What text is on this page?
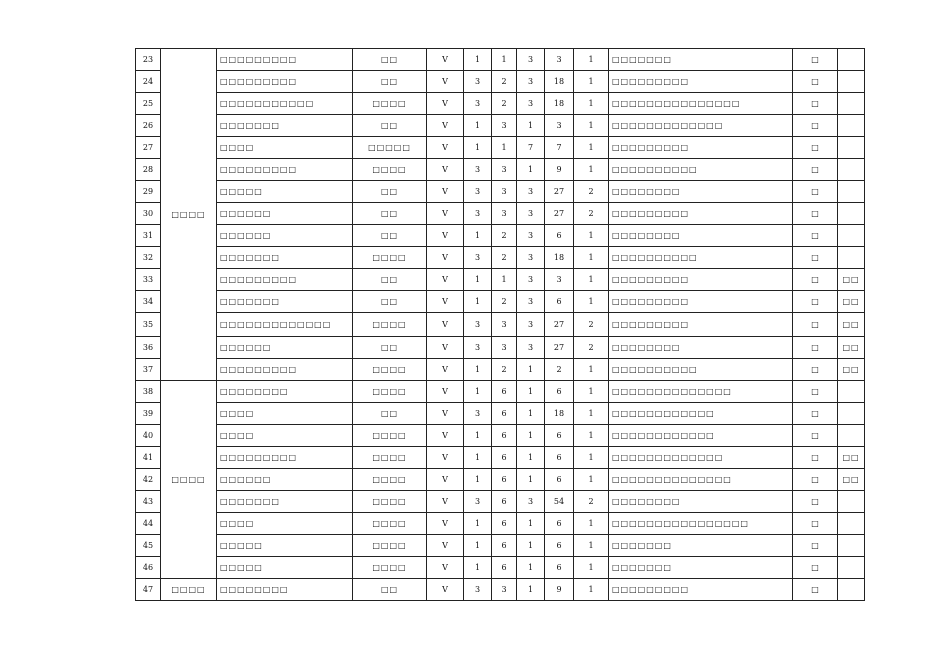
23	□□□□	□□□□□□□□□	□□	V	1	1	3	3	1	□□□□□□□	□	
24		□□□□□□□□□	□□	V	3	2	3	18	1	□□□□□□□□□	□	
25		□□□□□□□□□□□	□□□□	V	3	2	3	18	1	□□□□□□□□□□□□□□□	□	
26		□□□□□□□	□□	V	1	3	1	3	1	□□□□□□□□□□□□□	□	
27		□□□□	□□□□□	V	1	1	7	7	1	□□□□□□□□□	□	
28		□□□□□□□□□	□□□□	V	3	3	1	9	1	□□□□□□□□□□	□	
29		□□□□□	□□	V	3	3	3	27	2	□□□□□□□□	□	
30		□□□□□□	□□	V	3	3	3	27	2	□□□□□□□□□	□	
31		□□□□□□	□□	V	1	2	3	6	1	□□□□□□□□	□	
32		□□□□□□□	□□□□	V	3	2	3	18	1	□□□□□□□□□□	□	
33		□□□□□□□□□	□□	V	1	1	3	3	1	□□□□□□□□□	□	□□
34		□□□□□□□	□□	V	1	2	3	6	1	□□□□□□□□□	□	□□
35		□□□□□□□□□□□□□	□□□□	V	3	3	3	27	2	□□□□□□□□□	□	□□
36		□□□□□□	□□	V	3	3	3	27	2	□□□□□□□□	□	□□
37		□□□□□□□□□	□□□□	V	1	2	1	2	1	□□□□□□□□□□	□	□□
38	□□□□	□□□□□□□□	□□□□	V	1	6	1	6	1	□□□□□□□□□□□□□□	□	
39		□□□□	□□	V	3	6	1	18	1	□□□□□□□□□□□□	□	
40		□□□□	□□□□	V	1	6	1	6	1	□□□□□□□□□□□□	□	
41		□□□□□□□□□	□□□□	V	1	6	1	6	1	□□□□□□□□□□□□□	□	□□
42		□□□□□□	□□□□	V	1	6	1	6	1	□□□□□□□□□□□□□□	□	□□
43		□□□□□□□	□□□□	V	3	6	3	54	2	□□□□□□□□	□	
44		□□□□	□□□□	V	1	6	1	6	1	□□□□□□□□□□□□□□□□	□	
45		□□□□□	□□□□	V	1	6	1	6	1	□□□□□□□	□	
46		□□□□□	□□□□	V	1	6	1	6	1	□□□□□□□	□	
47	□□□□	□□□□□□□□	□□	V	3	3	1	9	1	□□□□□□□□□	□	
